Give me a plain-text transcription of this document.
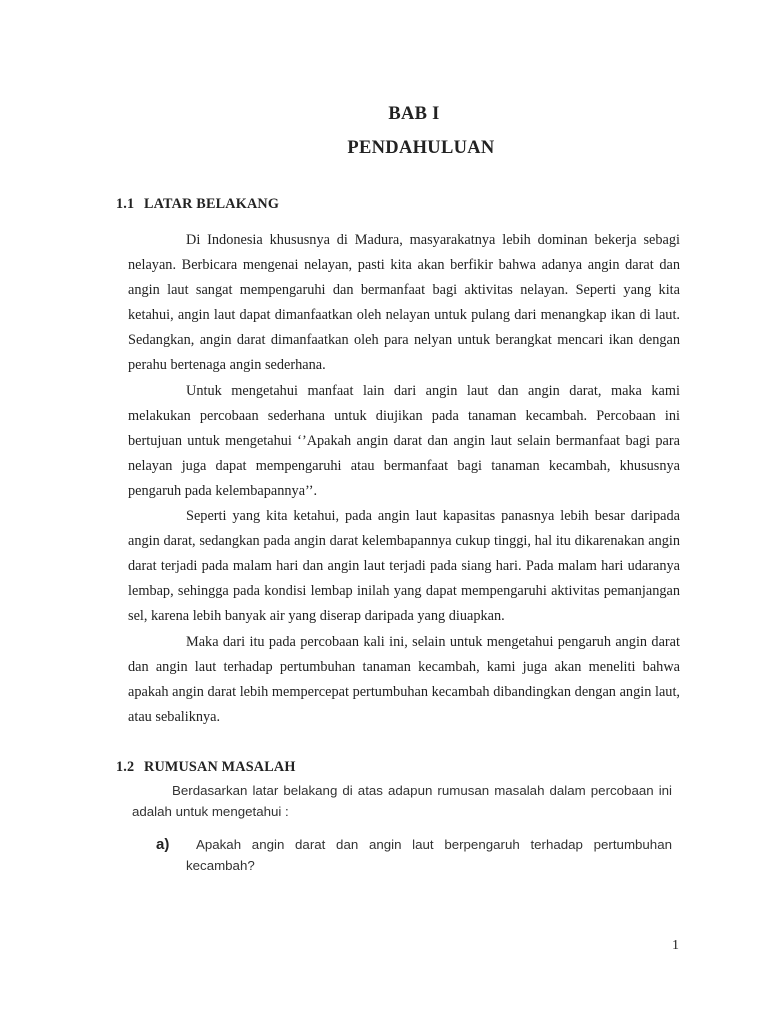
BAB I
PENDAHULUAN
1.1 LATAR BELAKANG

Di Indonesia khususnya di Madura, masyarakatnya lebih dominan bekerja sebagi nelayan. Berbicara mengenai nelayan, pasti kita akan berfikir bahwa adanya angin darat dan angin laut sangat mempengaruhi dan bermanfaat bagi aktivitas nelayan. Seperti yang kita ketahui, angin laut dapat dimanfaatkan oleh nelayan untuk pulang dari menangkap ikan di laut. Sedangkan, angin darat dimanfaatkan oleh para nelyan untuk berangkat mencari ikan dengan perahu bertenaga angin sederhana.

Untuk mengetahui manfaat lain dari angin laut dan angin darat, maka kami melakukan percobaan sederhana untuk diujikan pada tanaman kecambah. Percobaan ini bertujuan untuk mengetahui ‘’Apakah angin darat dan angin laut selain bermanfaat bagi para nelayan juga dapat mempengaruhi atau bermanfaat bagi tanaman kecambah, khususnya pengaruh pada kelembapannya’’.

Seperti yang kita ketahui, pada angin laut kapasitas panasnya lebih besar daripada angin darat, sedangkan pada angin darat kelembapannya cukup tinggi, hal itu dikarenakan angin darat terjadi pada malam hari dan angin laut terjadi pada siang hari. Pada malam hari udaranya lembap, sehingga pada kondisi lembap inilah yang dapat mempengaruhi aktivitas pemanjangan sel, karena lebih banyak air yang diserap daripada yang diuapkan.

Maka dari itu pada percobaan kali ini, selain untuk mengetahui pengaruh angin darat dan angin laut terhadap pertumbuhan tanaman kecambah, kami juga akan meneliti bahwa apakah angin darat lebih mempercepat pertumbuhan kecambah dibandingkan dengan angin laut, atau sebaliknya.

1.2 RUMUSAN MASALAH

Berdasarkan latar belakang di atas adapun rumusan masalah dalam percobaan ini adalah untuk mengetahui :

a)	Apakah angin darat dan angin laut berpengaruh terhadap pertumbuhan kecambah?

1
